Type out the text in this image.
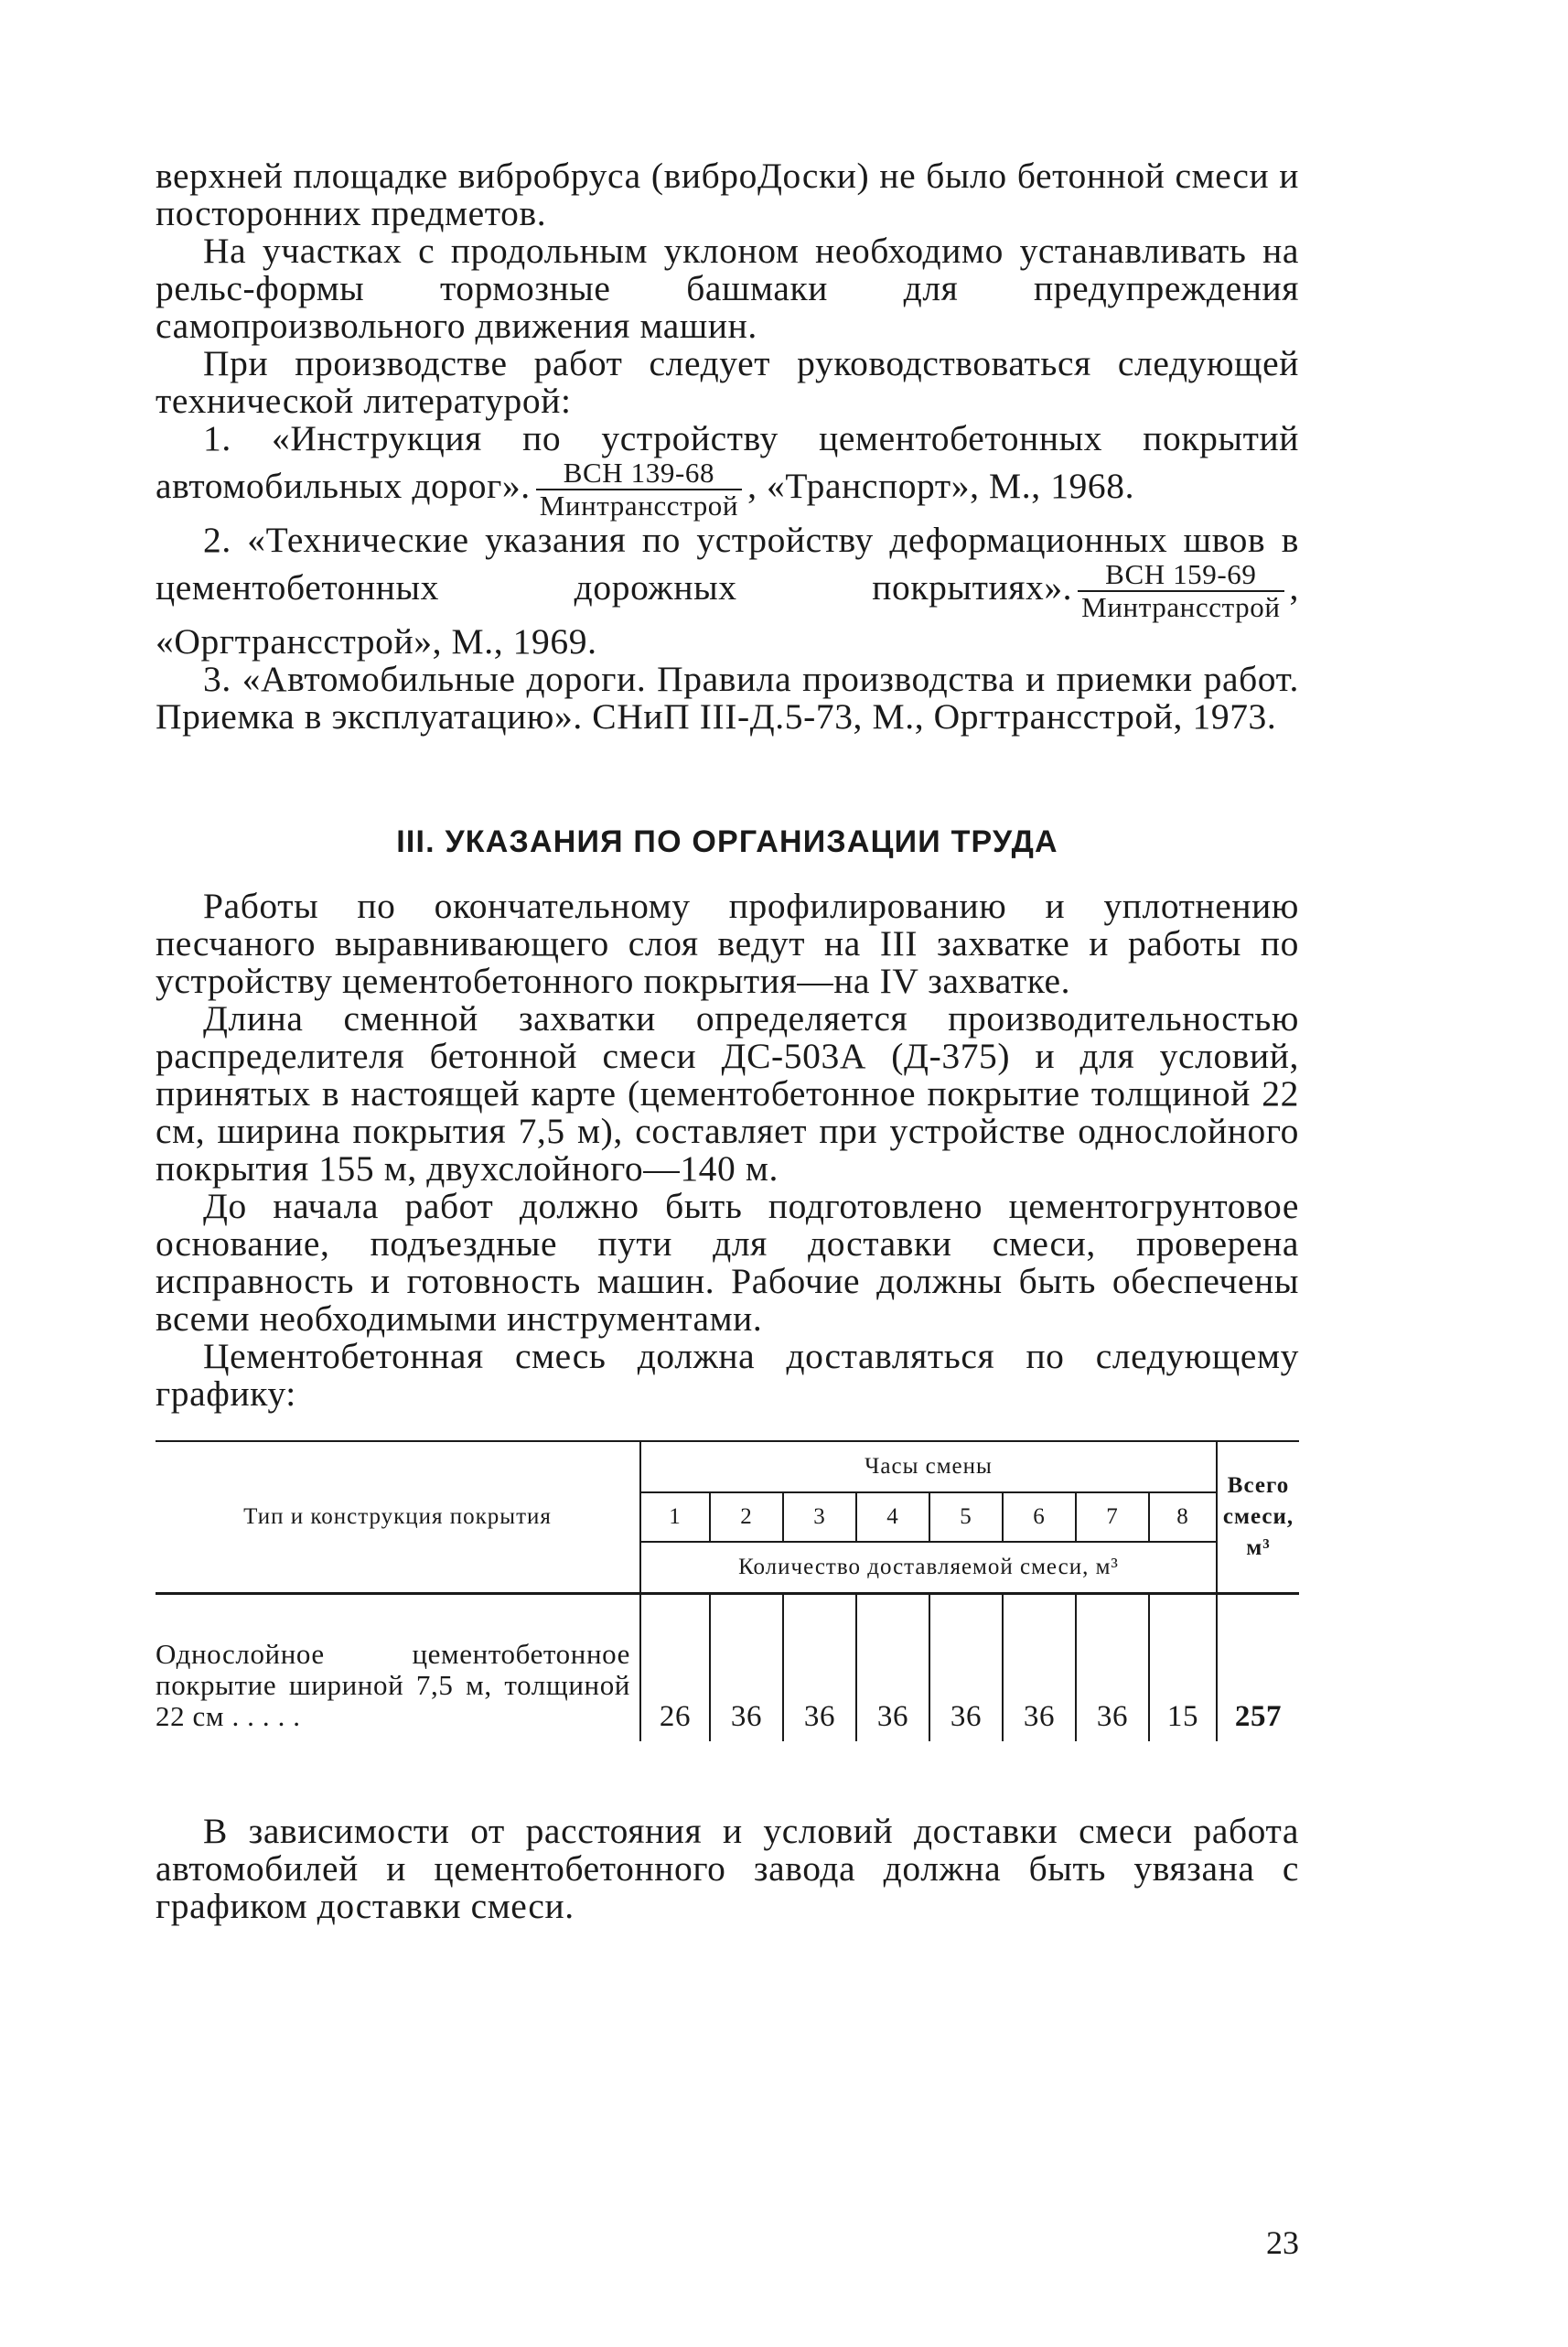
верхней площадке вибробруса (виброДоски) не было бетонной смеси и посторонних предметов.

На участках с продольным уклоном необходимо устанавливать на рельс-формы тормозные башмаки для предупреждения самопроизвольного движения машин.

При производстве работ следует руководствоваться следующей технической литературой:

1. «Инструкция по устройству цементобетонных покрытий автомобильных дорог». $\frac{\text{ВСН 139-68}}{\text{Минтрансстрой}}$ , «Транспорт», М., 1968.

2. «Технические указания по устройству деформационных швов в цементобетонных дорожных покрытиях». $\frac{\text{ВСН 159-69}}{\text{Минтрансстрой}}$ , «Оргтрансстрой», М., 1969.

3. «Автомобильные дороги. Правила производства и приемки работ. Приемка в эксплуатацию». СНиП III-Д.5-73, М., Оргтрансстрой, 1973.

III. УКАЗАНИЯ ПО ОРГАНИЗАЦИИ ТРУДА

Работы по окончательному профилированию и уплотнению песчаного выравнивающего слоя ведут на III захватке и работы по устройству цементобетонного покрытия—на IV захватке.

Длина сменной захватки определяется производительностью распределителя бетонной смеси ДС-503А (Д-375) и для условий, принятых в настоящей карте (цементобетонное покрытие толщиной 22 см, ширина покрытия 7,5 м), составляет при устройстве однослойного покрытия 155 м, двухслойного—140 м.

До начала работ должно быть подготовлено цементогрунтовое основание, подъездные пути для доставки смеси, проверена исправность и готовность машин. Рабочие должны быть обеспечены всеми необходимыми инструментами.

Цементобетонная смесь должна доставляться по следующему графику:

Тип и конструкция покрытия	Часы смены								Всего смеси, м³
	1	2	3	4	5	6	7	8	
	Количество доставляемой смеси, м³								
Однослойное цементобетонное покрытие шириной 7,5 м, толщиной 22 см . . . . .	26	36	36	36	36	36	36	15	257

В зависимости от расстояния и условий доставки смеси работа автомобилей и цементобетонного завода должна быть увязана с графиком доставки смеси.

23
